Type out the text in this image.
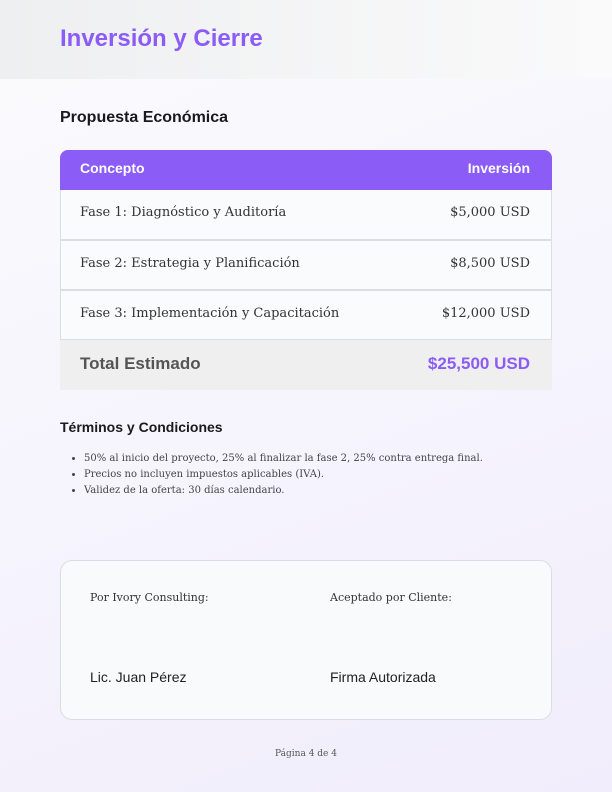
Inversión y Cierre
Propuesta Económica
Concepto	Inversión
Fase 1: Diagnóstico y Auditoría	$5,000 USD
Fase 2: Estrategia y Planificación	$8,500 USD
Fase 3: Implementación y Capacitación	$12,000 USD
Total Estimado	$25,500 USD
Términos y Condiciones
• 50% al inicio del proyecto, 25% al finalizar la fase 2, 25% contra entrega final.
• Precios no incluyen impuestos aplicables (IVA).
• Validez de la oferta: 30 días calendario.
Por Ivory Consulting:
Lic. Juan Pérez
Aceptado por Cliente:
Firma Autorizada
Página 4 de 4
